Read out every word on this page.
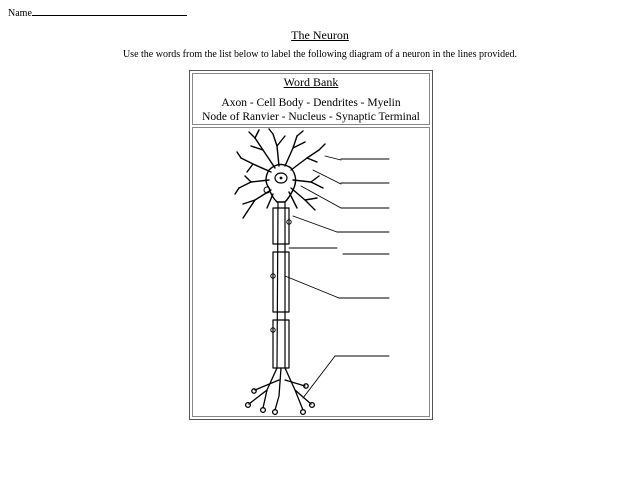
Name
The Neuron
Use the words from the list below to label the following diagram of a neuron in the lines provided.
Word Bank
Axon - Cell Body - Dendrites - Myelin
Node of Ranvier - Nucleus - Synaptic Terminal
